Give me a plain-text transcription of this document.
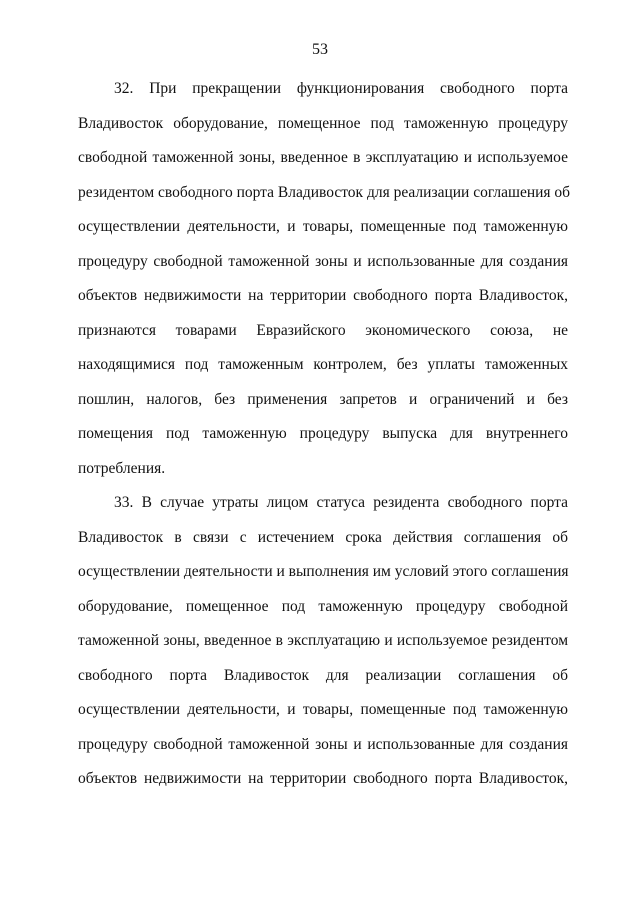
53
32. При прекращении функционирования свободного порта
Владивосток оборудование, помещенное под таможенную процедуру
свободной таможенной зоны, введенное в эксплуатацию и используемое
резидентом свободного порта Владивосток для реализации соглашения об
осуществлении деятельности, и товары, помещенные под таможенную
процедуру свободной таможенной зоны и использованные для создания
объектов недвижимости на территории свободного порта Владивосток,
признаются товарами Евразийского экономического союза, не
находящимися под таможенным контролем, без уплаты таможенных
пошлин, налогов, без применения запретов и ограничений и без
помещения под таможенную процедуру выпуска для внутреннего
потребления.
33. В случае утраты лицом статуса резидента свободного порта
Владивосток в связи с истечением срока действия соглашения об
осуществлении деятельности и выполнения им условий этого соглашения
оборудование, помещенное под таможенную процедуру свободной
таможенной зоны, введенное в эксплуатацию и используемое резидентом
свободного порта Владивосток для реализации соглашения об
осуществлении деятельности, и товары, помещенные под таможенную
процедуру свободной таможенной зоны и использованные для создания
объектов недвижимости на территории свободного порта Владивосток,
